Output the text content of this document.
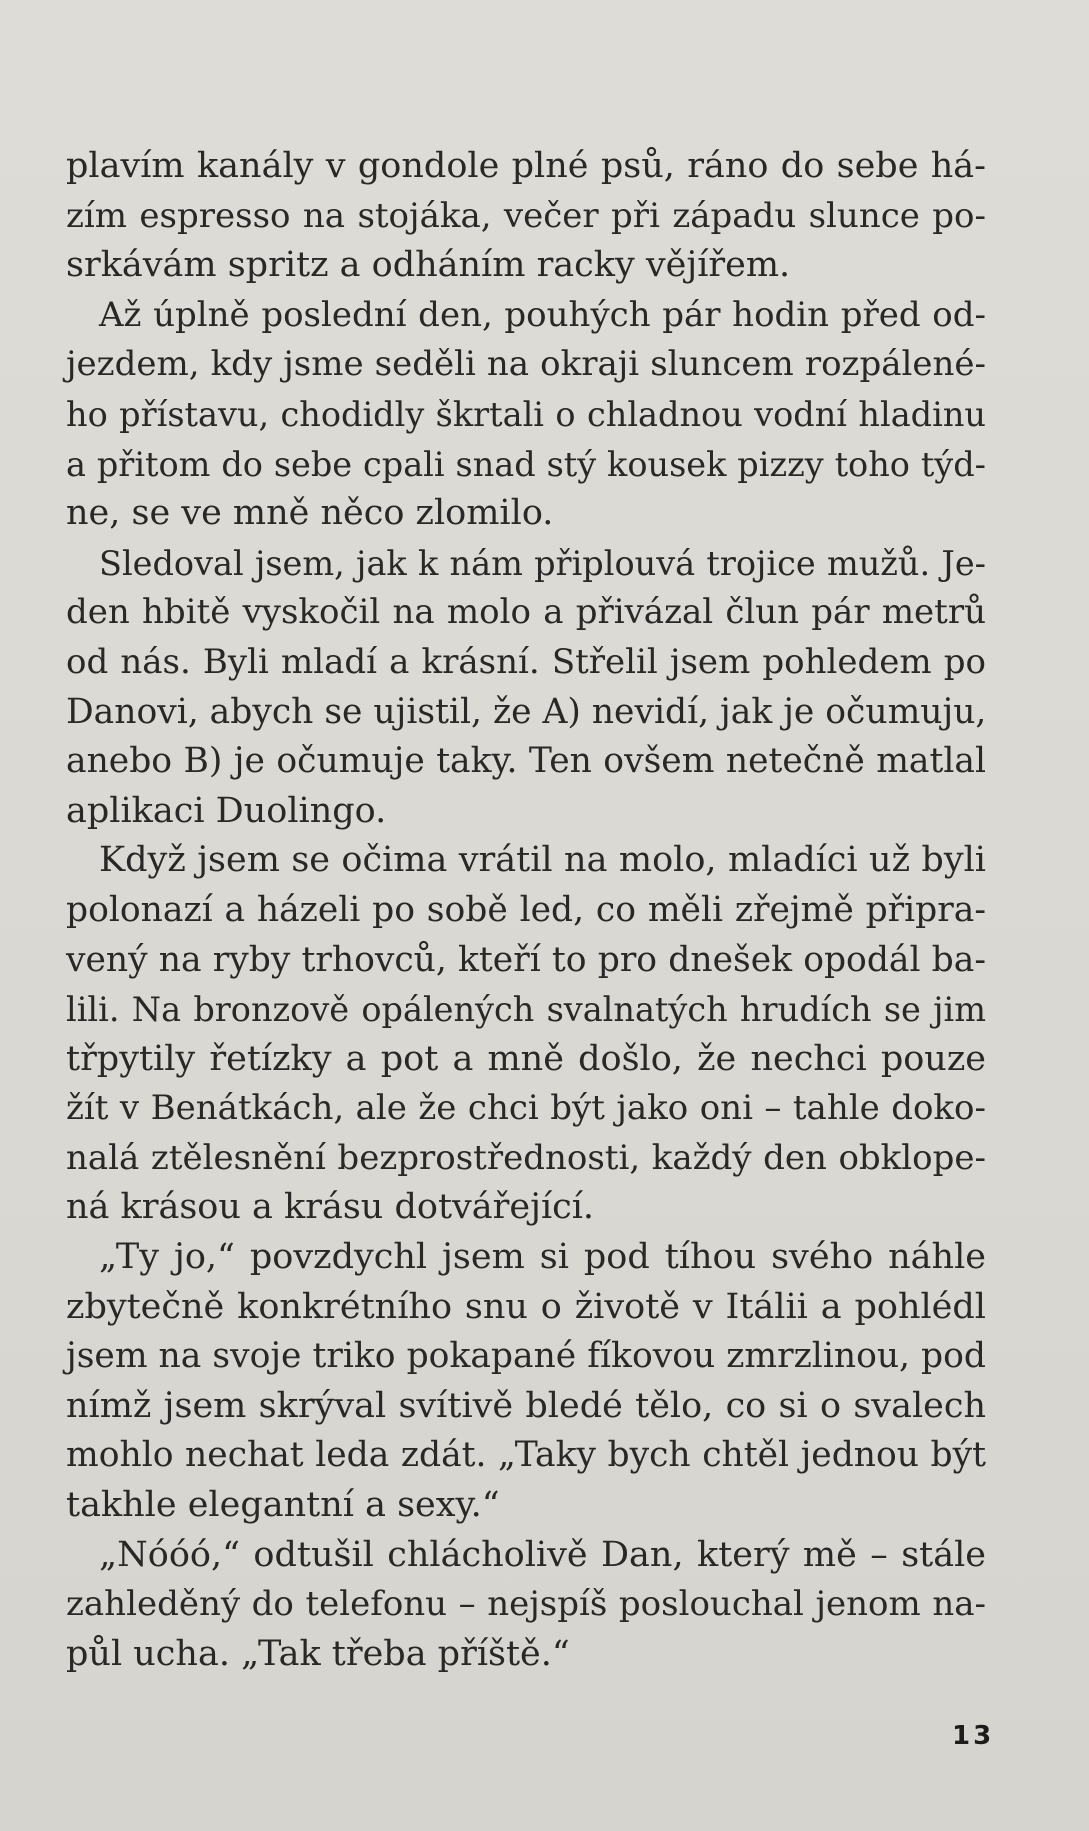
plavím kanály v gondole plné psů, ráno do sebe há-
zím espresso na stojáka, večer při západu slunce po-
srkávám spritz a odháním racky vějířem.
Až úplně poslední den, pouhých pár hodin před od-
jezdem, kdy jsme seděli na okraji sluncem rozpálené-
ho přístavu, chodidly škrtali o chladnou vodní hladinu
a přitom do sebe cpali snad stý kousek pizzy toho týd-
ne, se ve mně něco zlomilo.
Sledoval jsem, jak k nám připlouvá trojice mužů. Je-
den hbitě vyskočil na molo a přivázal člun pár metrů
od nás. Byli mladí a krásní. Střelil jsem pohledem po
Danovi, abych se ujistil, že A) nevidí, jak je očumuju,
anebo B) je očumuje taky. Ten ovšem netečně matlal
aplikaci Duolingo.
Když jsem se očima vrátil na molo, mladíci už byli
polonazí a házeli po sobě led, co měli zřejmě připra-
vený na ryby trhovců, kteří to pro dnešek opodál ba-
lili. Na bronzově opálených svalnatých hrudích se jim
třpytily řetízky a pot a mně došlo, že nechci pouze
žít v Benátkách, ale že chci být jako oni – tahle doko-
nalá ztělesnění bezprostřednosti, každý den obklope-
ná krásou a krásu dotvářející.
„Ty jo,“ povzdychl jsem si pod tíhou svého náhle
zbytečně konkrétního snu o životě v Itálii a pohlédl
jsem na svoje triko pokapané fíkovou zmrzlinou, pod
nímž jsem skrýval svítivě bledé tělo, co si o svalech
mohlo nechat leda zdát. „Taky bych chtěl jednou být
takhle elegantní a sexy.“
„Nóóó,“ odtušil chlácholivě Dan, který mě – stále
zahleděný do telefonu – nejspíš poslouchal jenom na-
půl ucha. „Tak třeba příště.“
13
